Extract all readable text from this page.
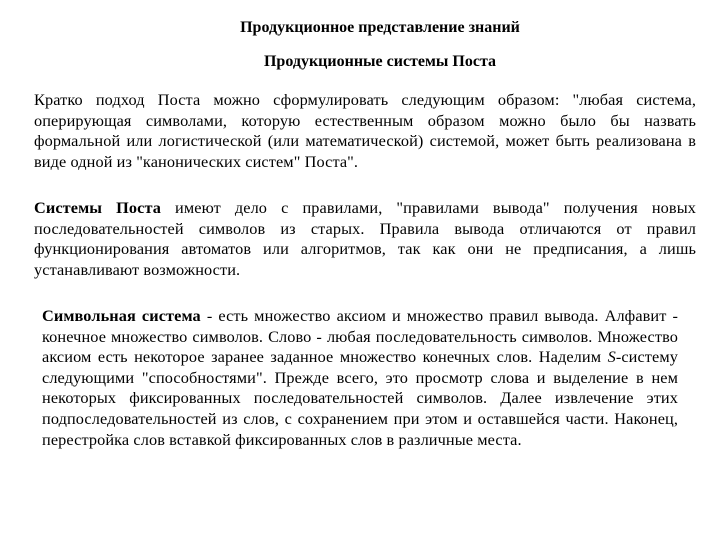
Продукционное представление знаний
Продукционные системы Поста
Кратко подход Поста можно сформулировать следующим образом: "любая система, оперирующая символами, которую естественным образом можно было бы назвать формальной или логистической (или математической) системой, может быть реализована в виде одной из "канонических систем" Поста".
Системы Поста имеют дело с правилами, "правилами вывода" получения новых последовательностей символов из старых. Правила вывода отличаются от правил функционирования автоматов или алгоритмов, так как они не предписания, а лишь устанавливают возможности.
Символьная система - есть множество аксиом и множество правил вывода. Алфавит - конечное множество символов. Слово - любая последовательность символов. Множество аксиом есть некоторое заранее заданное множество конечных слов. Наделим S-систему следующими "способностями". Прежде всего, это просмотр слова и выделение в нем некоторых фиксированных последовательностей символов. Далее извлечение этих подпоследовательностей из слов, с сохранением при этом и оставшейся части. Наконец, перестройка слов вставкой фиксированных слов в различные места.
